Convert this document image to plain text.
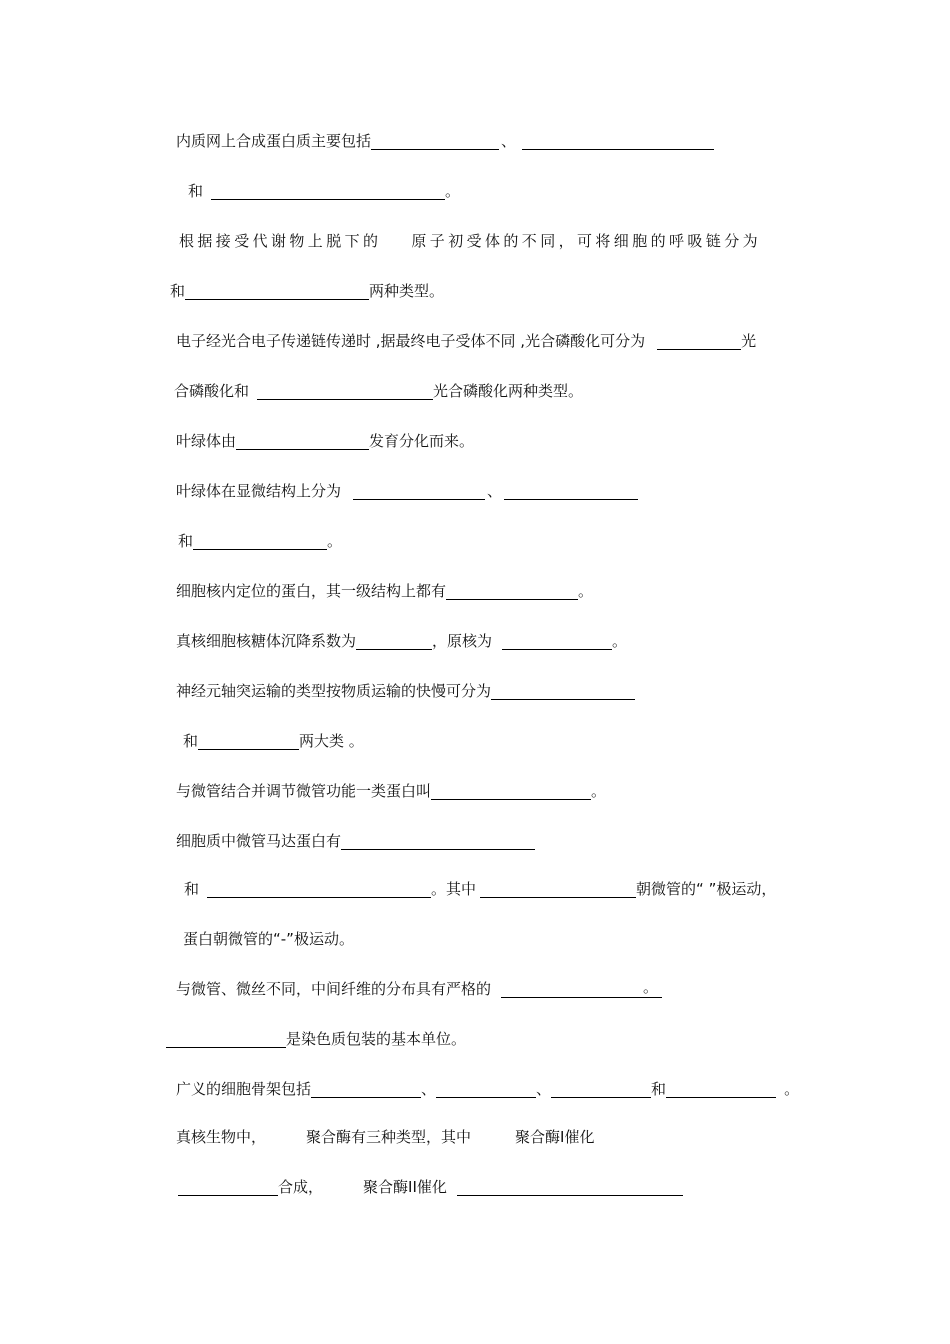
内质网上合成蛋白质主要包括	、
和	。
根据接受代谢物上脱下的 原子初受体的不同，可将细胞的呼吸链分为
和	两种类型。
电子经光合电子传递链传递时 ,据最终电子受体不同 ,光合磷酸化可分为	光
合磷酸化和	光合磷酸化两种类型。
叶绿体由	发育分化而来。
叶绿体在显微结构上分为	、
和	。
细胞核内定位的蛋白，其一级结构上都有	。
真核细胞核糖体沉降系数为	，原核为	。
神经元轴突运输的类型按物质运输的快慢可分为
和	两大类 。
与微管结合并调节微管功能一类蛋白叫	。
细胞质中微管马达蛋白有
和	。其中	朝微管的“ ”极运动，
蛋白朝微管的“-”极运动。
与微管、微丝不同，中间纤维的分布具有严格的	。
是染色质包装的基本单位。
广义的细胞骨架包括	、	、	和	。
真核生物中，	聚合酶有三种类型，其中	聚合酶I催化
合成，	聚合酶II催化
